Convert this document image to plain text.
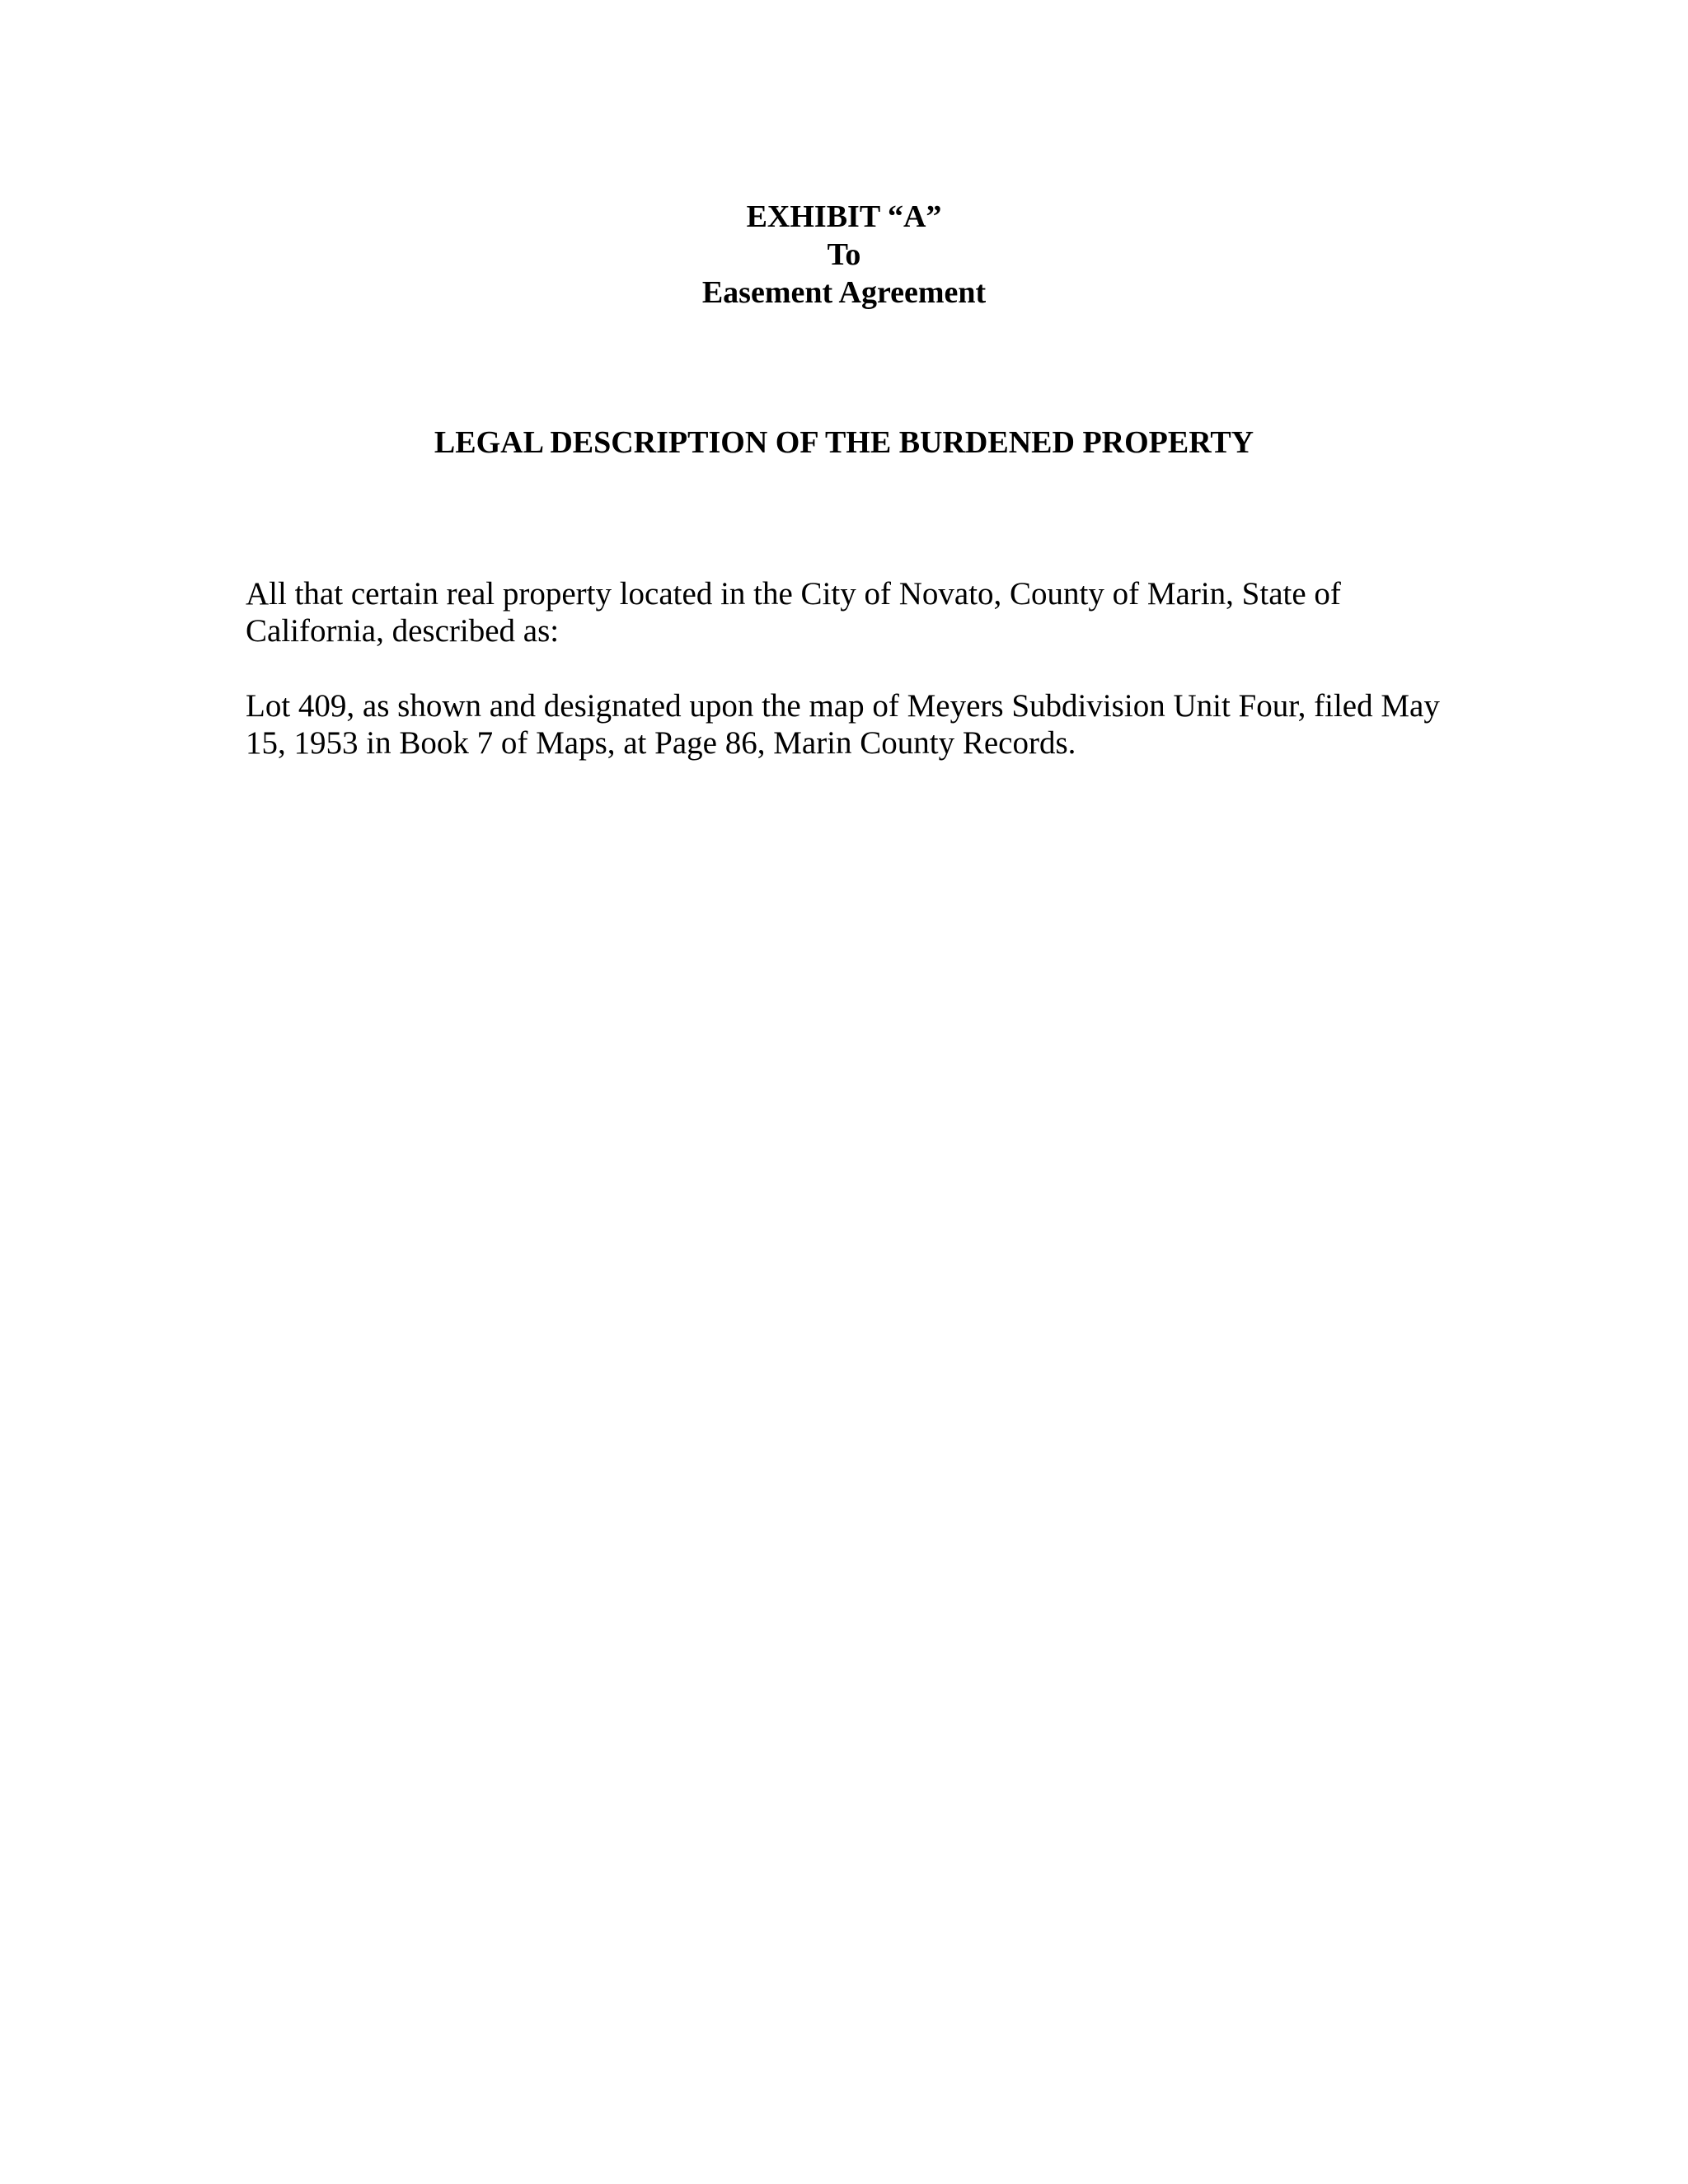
EXHIBIT “A”
To
Easement Agreement
LEGAL DESCRIPTION OF THE BURDENED PROPERTY

All that certain real property located in the City of Novato, County of Marin, State of California, described as:

Lot 409, as shown and designated upon the map of Meyers Subdivision Unit Four, filed May 15, 1953 in Book 7 of Maps, at Page 86, Marin County Records.
